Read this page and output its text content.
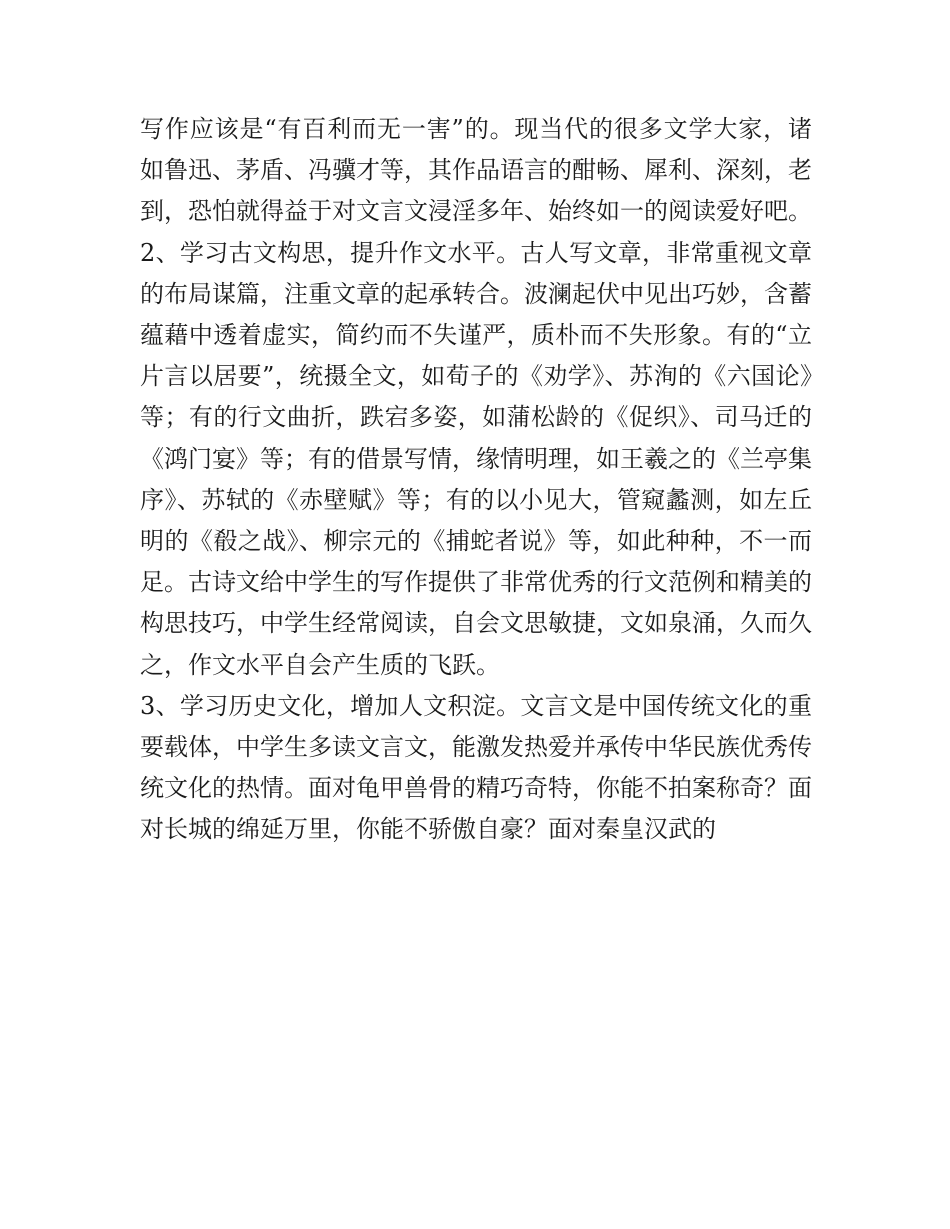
写作应该是“有百利而无一害”的。现当代的很多文学大家，诸如鲁迅、茅盾、冯骥才等，其作品语言的酣畅、犀利、深刻，老到，恐怕就得益于对文言文浸淫多年、始终如一的阅读爱好吧。

2、学习古文构思，提升作文水平。古人写文章，非常重视文章的布局谋篇，注重文章的起承转合。波澜起伏中见出巧妙，含蓄蕴藉中透着虚实，简约而不失谨严，质朴而不失形象。有的“立片言以居要”，统摄全文，如荀子的《劝学》、苏洵的《六国论》等；有的行文曲折，跌宕多姿，如蒲松龄的《促织》、司马迁的《鸿门宴》等；有的借景写情，缘情明理，如王羲之的《兰亭集序》、苏轼的《赤壁赋》等；有的以小见大，管窥蠡测，如左丘明的《殽之战》、柳宗元的《捕蛇者说》等，如此种种，不一而足。古诗文给中学生的写作提供了非常优秀的行文范例和精美的构思技巧，中学生经常阅读，自会文思敏捷，文如泉涌，久而久之，作文水平自会产生质的飞跃。

3、学习历史文化，增加人文积淀。文言文是中国传统文化的重要载体，中学生多读文言文，能激发热爱并承传中华民族优秀传统文化的热情。面对龟甲兽骨的精巧奇特，你能不拍案称奇？面对长城的绵延万里，你能不骄傲自豪？面对秦皇汉武的
